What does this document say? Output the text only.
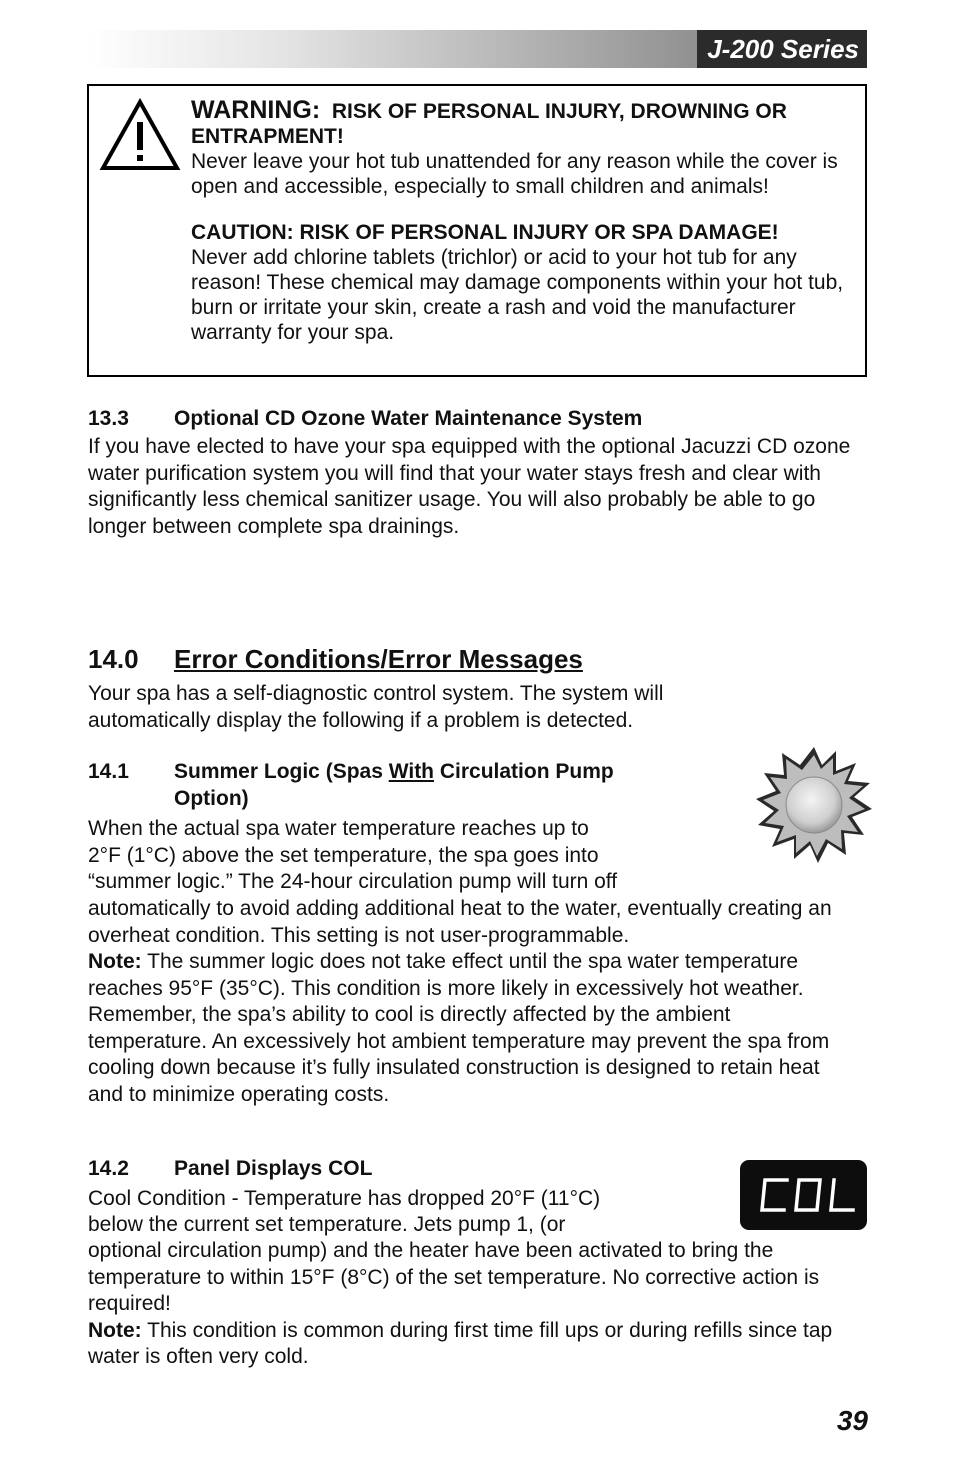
J-200 Series

WARNING: RISK OF PERSONAL INJURY, DROWNING OR ENTRAPMENT!

Never leave your hot tub unattended for any reason while the cover is open and accessible, especially to small children and animals!

CAUTION: RISK OF PERSONAL INJURY OR SPA DAMAGE!

Never add chlorine tablets (trichlor) or acid to your hot tub for any reason! These chemical may damage components within your hot tub, burn or irritate your skin, create a rash and void the manufacturer warranty for your spa.

13.3 Optional CD Ozone Water Maintenance System

If you have elected to have your spa equipped with the optional Jacuzzi CD ozone water purification system you will find that your water stays fresh and clear with significantly less chemical sanitizer usage. You will also probably be able to go longer between complete spa drainings.

14.0 Error Conditions/Error Messages

Your spa has a self-diagnostic control system. The system will automatically display the following if a problem is detected.

14.1 Summer Logic (Spas With Circulation Pump
Option)

When the actual spa water temperature reaches up to

2°F (1°C) above the set temperature, the spa goes into

“summer logic.” The 24-hour circulation pump will turn off

automatically to avoid adding additional heat to the water, eventually creating an overheat condition. This setting is not user-programmable.
Note: The summer logic does not take effect until the spa water temperature reaches 95°F (35°C). This condition is more likely in excessively hot weather. Remember, the spa’s ability to cool is directly affected by the ambient temperature. An excessively hot ambient temperature may prevent the spa from cooling down because it’s fully insulated construction is designed to retain heat and to minimize operating costs.

14.2 Panel Displays COL	COL

Cool Condition - Temperature has dropped 20°F (11°C)

below the current set temperature. Jets pump 1, (or

optional circulation pump) and the heater have been activated to bring the temperature to within 15°F (8°C) of the set temperature. No corrective action is required!
Note: This condition is common during first time fill ups or during refills since tap water is often very cold.

39
